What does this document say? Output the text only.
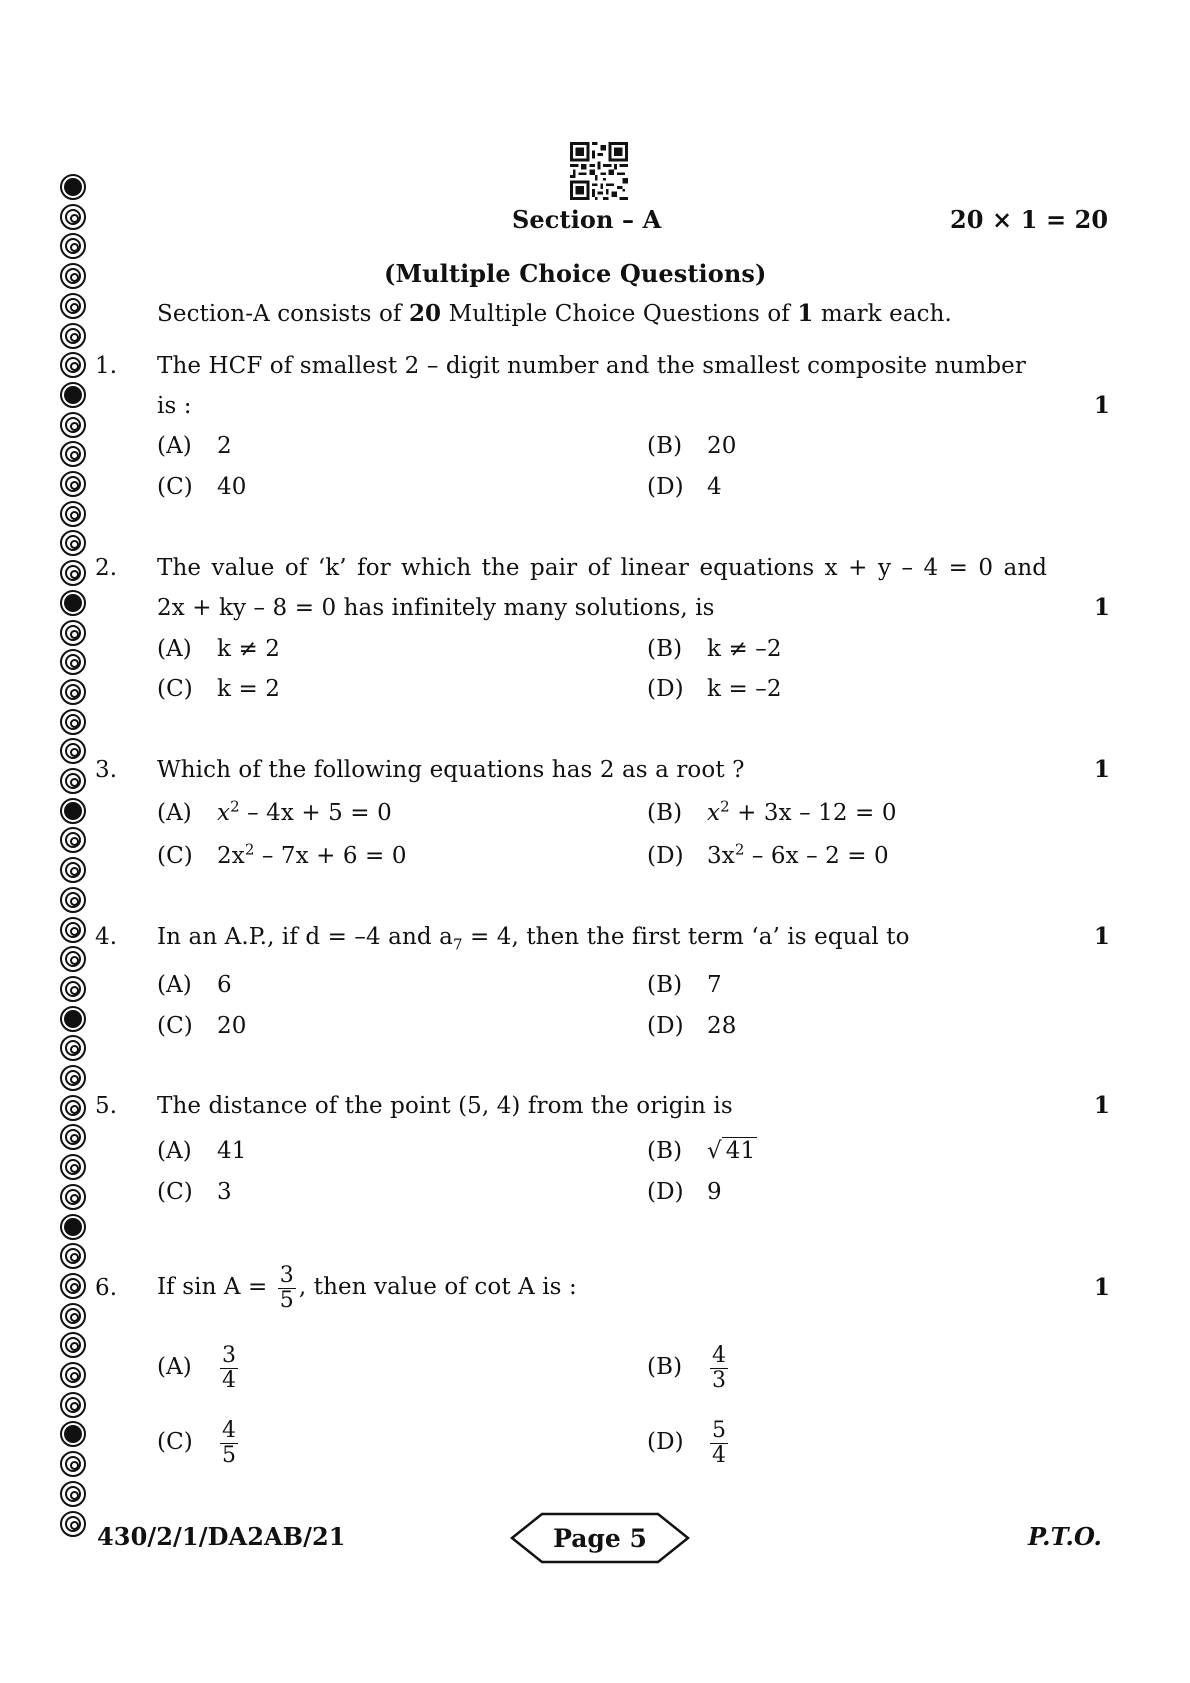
Section – A	20 × 1 = 20
(Multiple Choice Questions)
Section-A consists of 20 Multiple Choice Questions of 1 mark each.
1. The HCF of smallest 2 – digit number and the smallest composite number
is :	1
(A) 2	(B) 20
(C) 40	(D) 4
2. The value of ‘k’ for which the pair of linear equations x + y – 4 = 0 and
2x + ky – 8 = 0 has infinitely many solutions, is	1
(A) k ≠ 2	(B) k ≠ –2
(C) k = 2	(D) k = –2
3. Which of the following equations has 2 as a root ?	1
(A) $x^2 - 4x + 5 = 0$	(B) $x^2 + 3x - 12 = 0$
(C) $2x^2 - 7x + 6 = 0$	(D) $3x^2 - 6x - 2 = 0$
4. In an A.P., if d = –4 and $a_7 = 4$, then the first term ‘a’ is equal to	1
(A) 6	(B) 7
(C) 20	(D) 28
5. The distance of the point (5, 4) from the origin is	1
(A) 41	(B) √ 41
(C) 3	(D) 9
6. If $\sin A = \frac{3}{5}$ , then value of cot A is :	1
$(A) \frac{3}{4}$	$(B) \frac{4}{3}$
$(C) \frac{4}{5}$	$(D) \frac{5}{4}$
430/2/1/DA2AB/21	Page 5	P.T.O.
